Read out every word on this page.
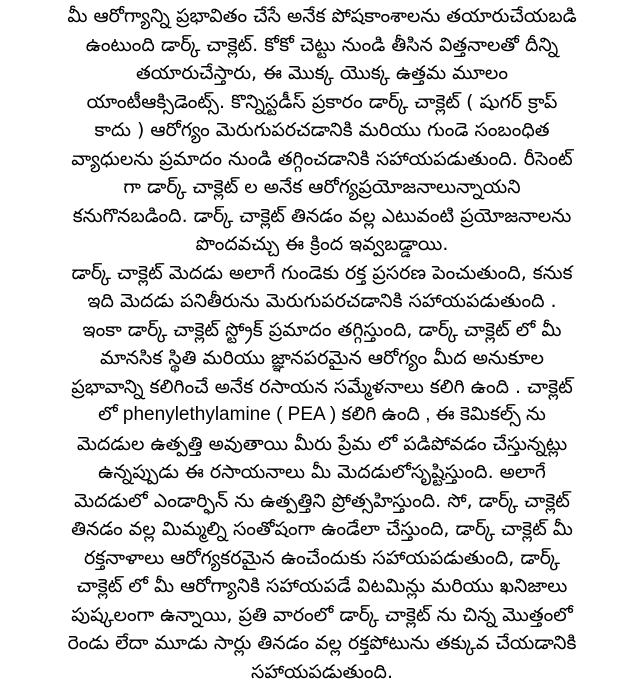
మీ ఆరోగ్యాన్ని ప్రభావితం చేసే అనేక పోషకాంశాలను తయారుచేయబడి
ఉంటుంది డార్క్ చాక్లెట్. కోకో చెట్టు నుండి తీసిన విత్తనాలతో దీన్ని
తయారుచేస్తారు, ఈ మొక్క యొక్క ఉత్తమ మూలం
యాంటీఆక్సిడెంట్స్. కొన్నిస్టడీస్ ప్రకారం డార్క్ చాక్లెట్ ( షుగర్ క్రాప్
కాదు ) ఆరోగ్యం మెరుగుపరచడానికి మరియు గుండె సంబంధిత
వ్యాధులను ప్రమాదం నుండి తగ్గించడానికి సహాయపడుతుంది. రీసెంట్
గా డార్క్ చాక్లెట్ ల అనేక ఆరోగ్యప్రయోజనాలున్నాయని
కనుగొనబడింది. డార్క్ చాక్లెట్ తినడం వల్ల ఎటువంటి ప్రయోజనాలను
పొందవచ్చు ఈ క్రింద ఇవ్వబడ్డాయి.
డార్క్ చాక్లెట్ మెదడు అలాగే గుండెకు రక్త ప్రసరణ పెంచుతుంది, కనుక
ఇది మెదడు పనితీరును మెరుగుపరచడానికి సహాయపడుతుంది .
ఇంకా డార్క్ చాక్లెట్ స్ట్రోక్ ప్రమాదం తగ్గిస్తుంది, డార్క్ చాక్లెట్ లో మీ
మానసిక స్థితి మరియు జ్ఞానపరమైన ఆరోగ్యం మీద అనుకూల
ప్రభావాన్ని కలిగించే అనేక రసాయన సమ్మేళనాలు కలిగి ఉంది . చాక్లెట్
లో phenylethylamine ( PEA ) కలిగి ఉంది , ఈ కెమికల్స్ ను
మెదడుల ఉత్పత్తి అవుతాయి మీరు ప్రేమ లో పడిపోవడం చేస్తున్నట్లు
ఉన్నప్పుడు ఈ రసాయనాలు మీ మెదడులోసృష్టిస్తుంది. అలాగే
మెదడులో ఎండార్ఫిన్ ను ఉత్పత్తిని ప్రోత్సహిస్తుంది. సో, డార్క్ చాక్లెట్
తినడం వల్ల మిమ్మల్ని సంతోషంగా ఉండేలా చేస్తుంది, డార్క్ చాక్లెట్ మీ
రక్తనాళాలు ఆరోగ్యకరమైన ఉంచేందుకు సహాయపడుతుంది, డార్క్
చాక్లెట్ లో మీ ఆరోగ్యానికి సహాయపడే విటమిన్లు మరియు ఖనిజాలు
పుష్కలంగా ఉన్నాయి, ప్రతి వారంలో డార్క్ చాక్లెట్ ను చిన్న మొత్తంలో
రెండు లేదా మూడు సార్లు తినడం వల్ల రక్తపోటును తక్కువ చేయడానికి
సహాయపడుతుంది.
